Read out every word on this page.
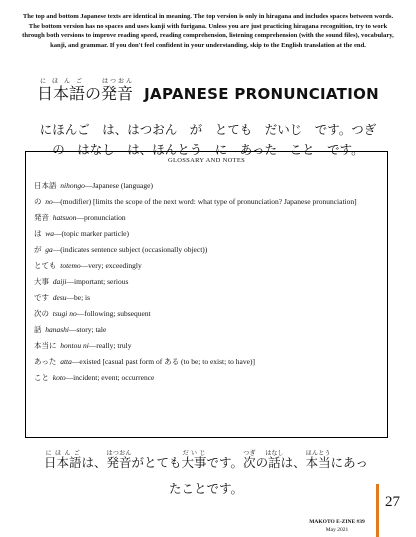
The top and bottom Japanese texts are identical in meaning. The top version is only in hiragana and includes spaces between words. The bottom version has no spaces and uses kanji with furigana. Unless you are just practicing hiragana recognition, try to work through both versions to improve reading speed, reading comprehension, listening comprehension (with the sound files), vocabulary, kanji, and grammar. If you don't feel confident in your understanding, skip to the English translation at the end.
日本語にほんごの発音はつおん JAPANESE PRONUNCIATION
にほんご　は、はつおん　が　とても　だいじ　です。つぎ　の　はなし　は、ほんとう　に　あった　こと　です。
GLOSSARY AND NOTES
日本語 nihongo—Japanese (language)
の no—(modifier) [limits the scope of the next word: what type of pronunciation? Japanese pronunciation]
発音 hatsuon—pronunciation
は wa—(topic marker particle)
が ga—(indicates sentence subject (occasionally object))
とても totemo—very; exceedingly
大事 daiji—important; serious
です desu—be; is
次の tsugi no—following; subsequent
話 hanashi—story; tale
本当に hontou ni—really; truly
あった atta—existed [casual past form of ある (to be; to exist; to have)]
こと koto—incident; event; occurrence
日本語にほんごは、発音はつおんがとても大事だいじです。次つぎの話はなしは、本当ほんとうにあったことです。
27
MAKOTO E-ZINE #39
May 2021
